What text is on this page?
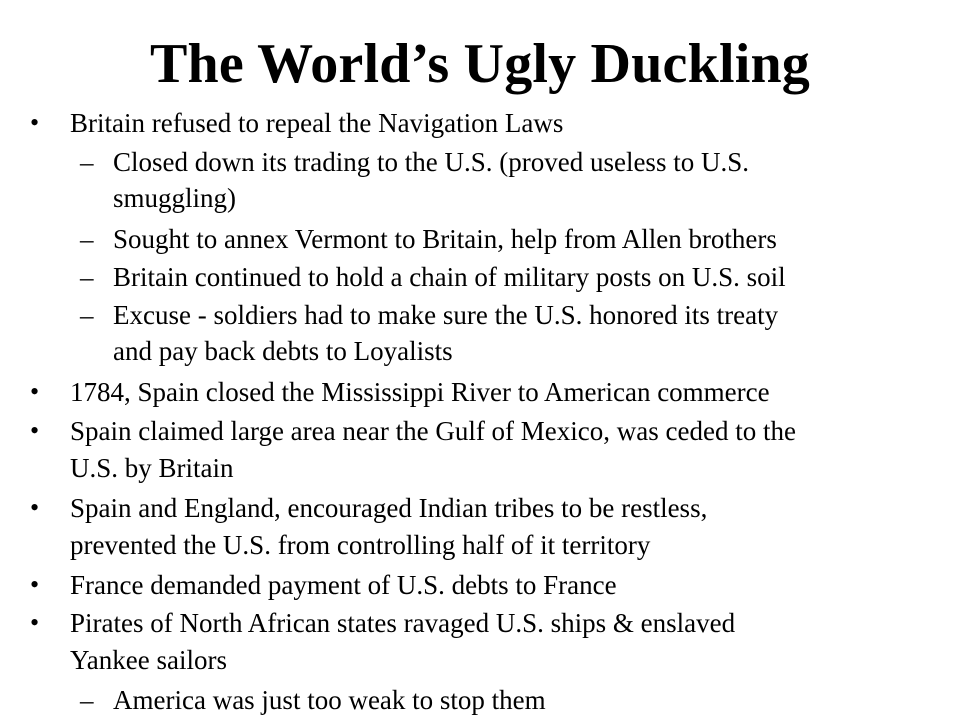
The World’s Ugly Duckling
• Britain refused to repeal the Navigation Laws
– Closed down its trading to the U.S. (proved useless to U.S.
smuggling)
– Sought to annex Vermont to Britain, help from Allen brothers
– Britain continued to hold a chain of military posts on U.S. soil
– Excuse - soldiers had to make sure the U.S. honored its treaty
and pay back debts to Loyalists
• 1784, Spain closed the Mississippi River to American commerce
• Spain claimed large area near the Gulf of Mexico, was ceded to the
U.S. by Britain
• Spain and England, encouraged Indian tribes to be restless,
prevented the U.S. from controlling half of it territory
• France demanded payment of U.S. debts to France
• Pirates of North African states ravaged U.S. ships & enslaved
Yankee sailors
– America was just too weak to stop them
